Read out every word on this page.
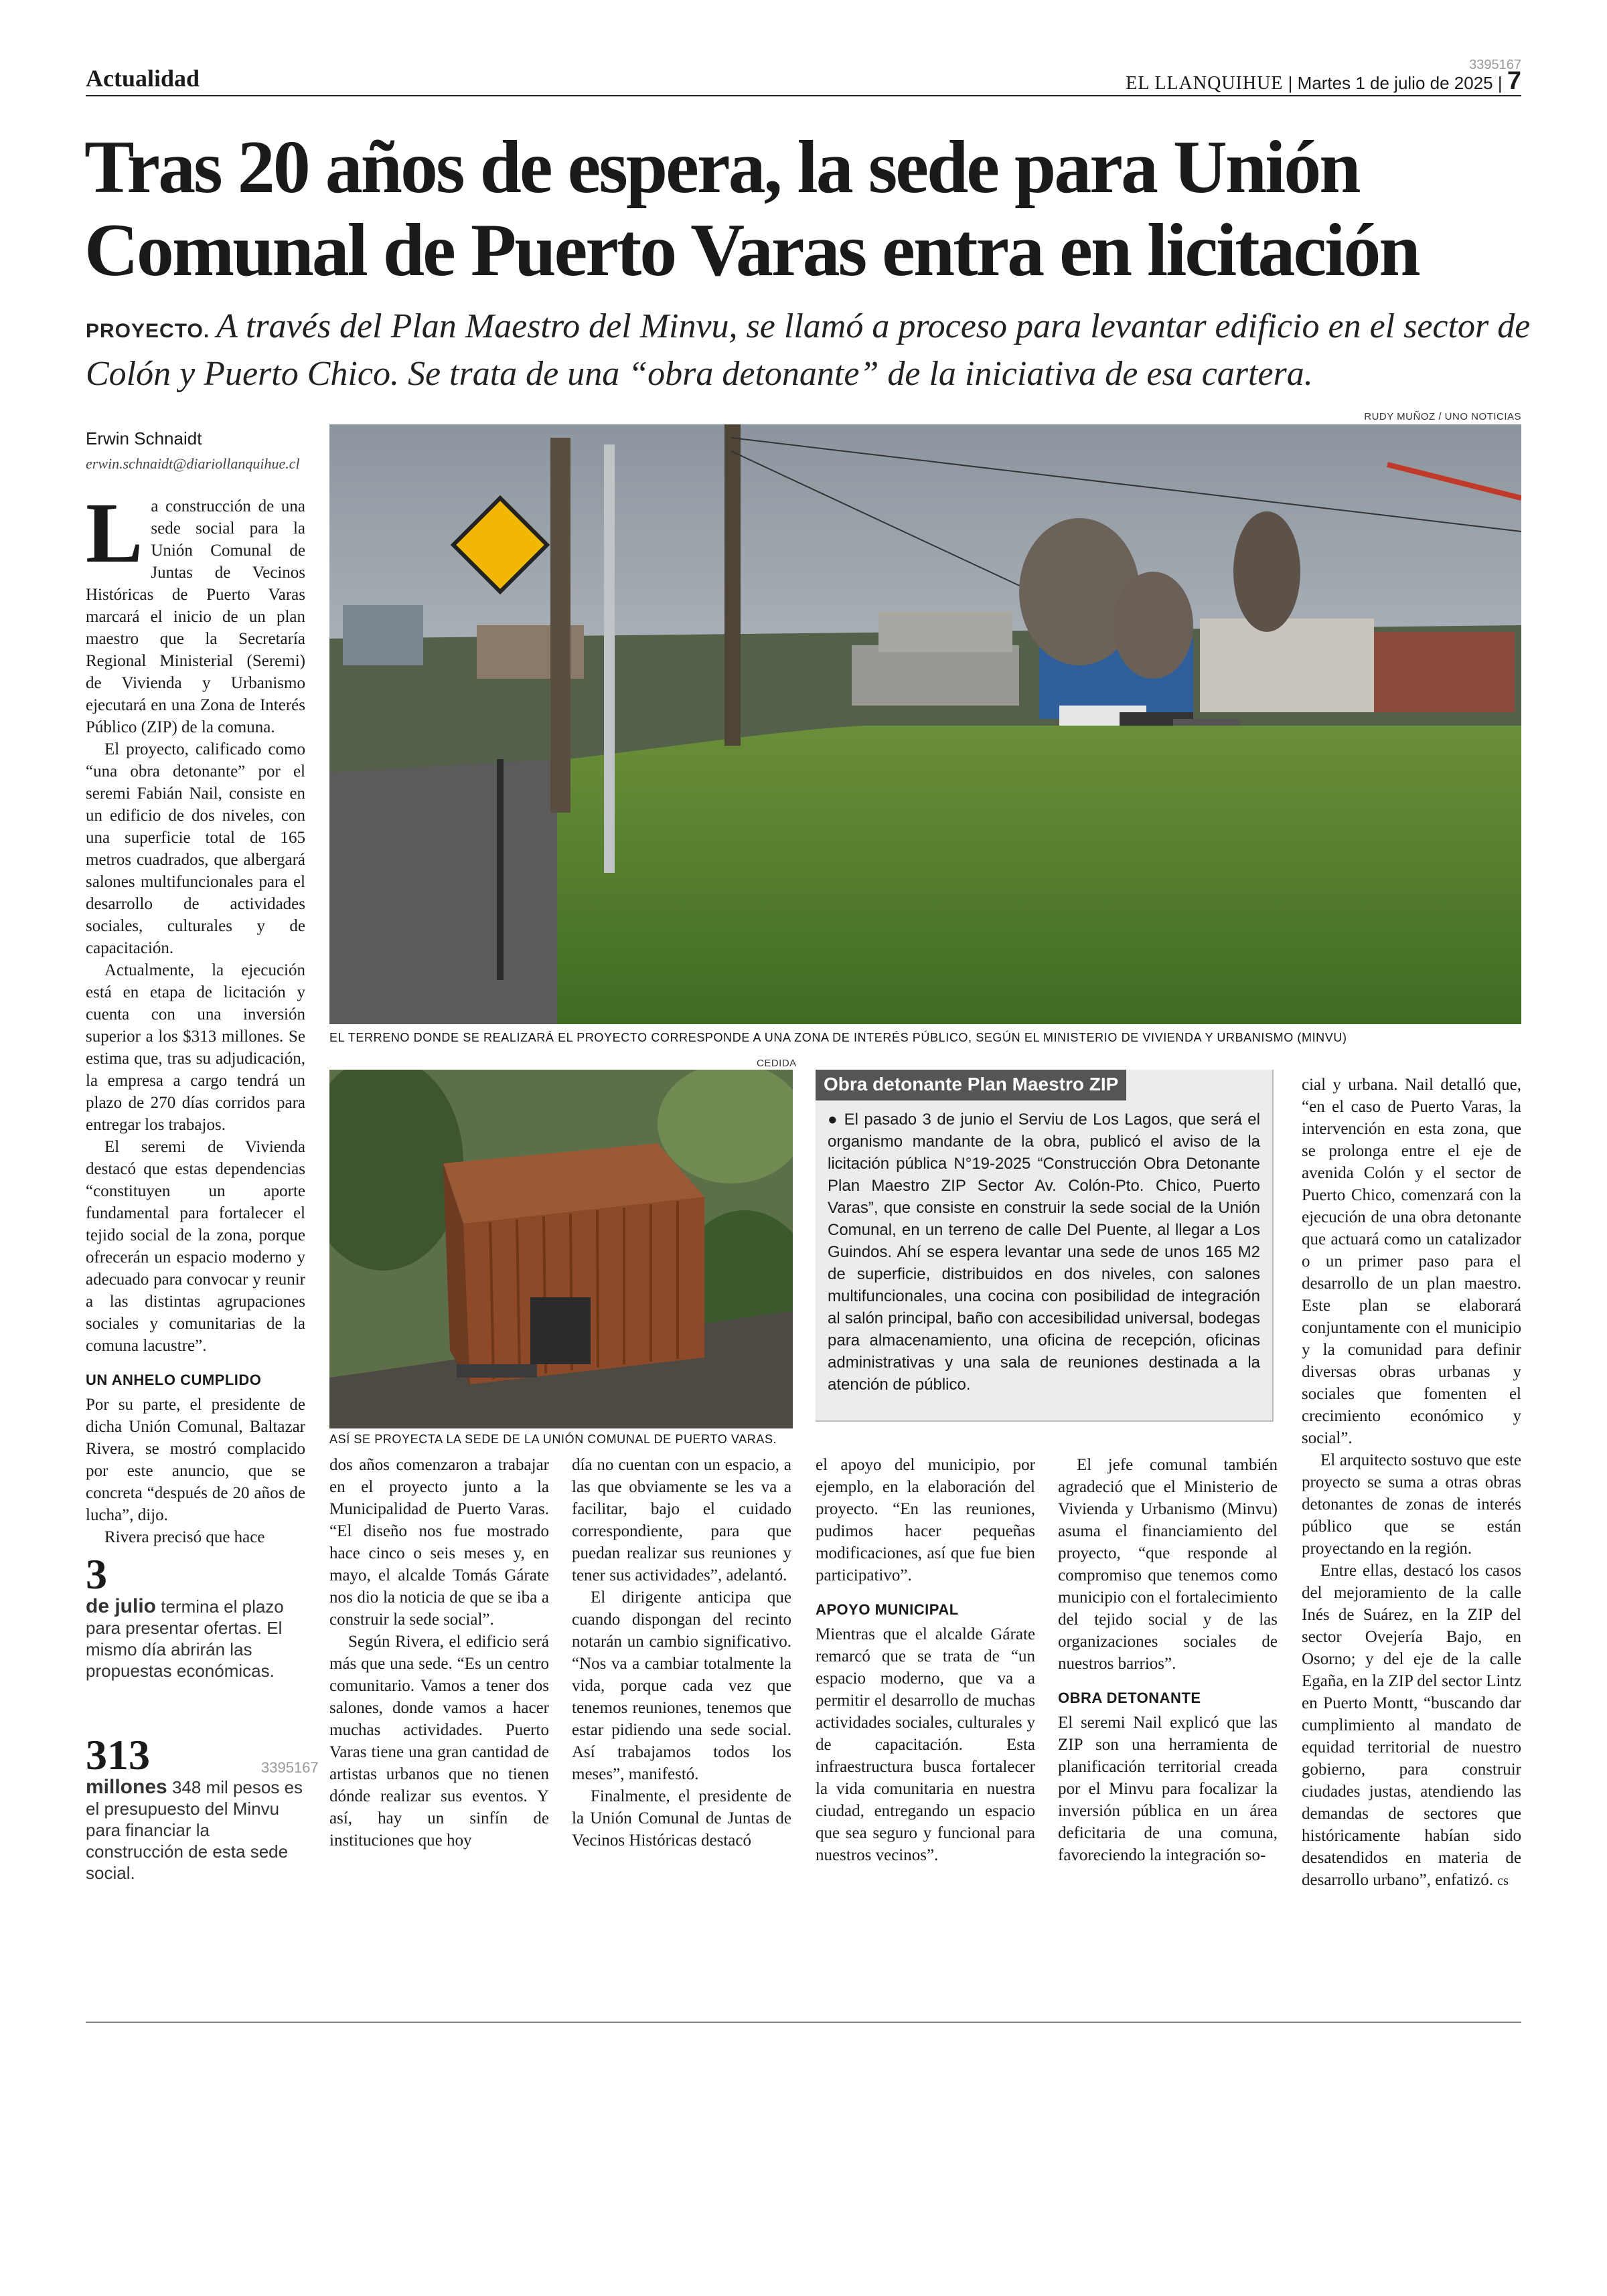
Actualidad	3395167
EL LLANQUIHUE | Martes 1 de julio de 2025 | 7
Tras 20 años de espera, la sede para Unión Comunal de Puerto Varas entra en licitación
PROYECTO. A través del Plan Maestro del Minvu, se llamó a proceso para levantar edificio en el sector de Colón y Puerto Chico. Se trata de una “obra detonante” de la iniciativa de esa cartera.
Erwin Schnaidt
erwin.schnaidt@diariollanquihue.cl

La construcción de una sede social para la Unión Comunal de Juntas de Vecinos Históricas de Puerto Varas marcará el inicio de un plan maestro que la Secretaría Regional Ministerial (Seremi) de Vivienda y Urbanismo ejecutará en una Zona de Interés Público (ZIP) de la comuna.

El proyecto, calificado como “una obra detonante” por el seremi Fabián Nail, consiste en un edificio de dos niveles, con una superficie total de 165 metros cuadrados, que albergará salones multifuncionales para el desarrollo de actividades sociales, culturales y de capacitación.

Actualmente, la ejecución está en etapa de licitación y cuenta con una inversión superior a los $313 millones. Se estima que, tras su adjudicación, la empresa a cargo tendrá un plazo de 270 días corridos para entregar los trabajos.

El seremi de Vivienda destacó que estas dependencias “constituyen un aporte fundamental para fortalecer el tejido social de la zona, porque ofrecerán un espacio moderno y adecuado para convocar y reunir a las distintas agrupaciones sociales y comunitarias de la comuna lacustre”.

UN ANHELO CUMPLIDO

Por su parte, el presidente de dicha Unión Comunal, Baltazar Rivera, se mostró complacido por este anuncio, que se concreta “después de 20 años de lucha”, dijo.

Rivera precisó que hace

3
de julio termina el plazo para presentar ofertas. El mismo día abrirán las propuestas económicas.
313
millones 348 mil pesos es el presupuesto del Minvu para financiar la construcción de esta sede social.
3395167
RUDY MUÑOZ / UNO NOTICIAS
EL TERRENO DONDE SE REALIZARÁ EL PROYECTO CORRESPONDE A UNA ZONA DE INTERÉS PÚBLICO, SEGÚN EL MINISTERIO DE VIVIENDA Y URBANISMO (MINVU)
CEDIDA
ASÍ SE PROYECTA LA SEDE DE LA UNIÓN COMUNAL DE PUERTO VARAS.
Obra detonante Plan Maestro ZIP
● El pasado 3 de junio el Serviu de Los Lagos, que será el organismo mandante de la obra, publicó el aviso de la licitación pública N°19-2025 “Construcción Obra Detonante Plan Maestro ZIP Sector Av. Colón-Pto. Chico, Puerto Varas”, que consiste en construir la sede social de la Unión Comunal, en un terreno de calle Del Puente, al llegar a Los Guindos. Ahí se espera levantar una sede de unos 165 M2 de superficie, distribuidos en dos niveles, con salones multifuncionales, una cocina con posibilidad de integración al salón principal, baño con accesibilidad universal, bodegas para almacenamiento, una oficina de recepción, oficinas administrativas y una sala de reuniones destinada a la atención de público.

cial y urbana. Nail detalló que, “en el caso de Puerto Varas, la intervención en esta zona, que se prolonga entre el eje de avenida Colón y el sector de Puerto Chico, comenzará con la ejecución de una obra detonante que actuará como un catalizador o un primer paso para el desarrollo de un plan maestro. Este plan se elaborará conjuntamente con el municipio y la comunidad para definir diversas obras urbanas y sociales que fomenten el crecimiento económico y social”.

El arquitecto sostuvo que este proyecto se suma a otras obras detonantes de zonas de interés público que se están proyectando en la región.

Entre ellas, destacó los casos del mejoramiento de la calle Inés de Suárez, en la ZIP del sector Ovejería Bajo, en Osorno; y del eje de la calle Egaña, en la ZIP del sector Lintz en Puerto Montt, “buscando dar cumplimiento al mandato de equidad territorial de nuestro gobierno, para construir ciudades justas, atendiendo las demandas de sectores que históricamente habían sido desatendidos en materia de desarrollo urbano”, enfatizó. cs

dos años comenzaron a trabajar en el proyecto junto a la Municipalidad de Puerto Varas. “El diseño nos fue mostrado hace cinco o seis meses y, en mayo, el alcalde Tomás Gárate nos dio la noticia de que se iba a construir la sede social”.

Según Rivera, el edificio será más que una sede. “Es un centro comunitario. Vamos a tener dos salones, donde vamos a hacer muchas actividades. Puerto Varas tiene una gran cantidad de artistas urbanos que no tienen dónde realizar sus eventos. Y así, hay un sinfín de instituciones que hoy

día no cuentan con un espacio, a las que obviamente se les va a facilitar, bajo el cuidado correspondiente, para que puedan realizar sus reuniones y tener sus actividades”, adelantó.

El dirigente anticipa que cuando dispongan del recinto notarán un cambio significativo. “Nos va a cambiar totalmente la vida, porque cada vez que tenemos reuniones, tenemos que estar pidiendo una sede social. Así trabajamos todos los meses”, manifestó.

Finalmente, el presidente de la Unión Comunal de Juntas de Vecinos Históricas destacó

el apoyo del municipio, por ejemplo, en la elaboración del proyecto. “En las reuniones, pudimos hacer pequeñas modificaciones, así que fue bien participativo”.

APOYO MUNICIPAL

Mientras que el alcalde Gárate remarcó que se trata de “un espacio moderno, que va a permitir el desarrollo de muchas actividades sociales, culturales y de capacitación. Esta infraestructura busca fortalecer la vida comunitaria en nuestra ciudad, entregando un espacio que sea seguro y funcional para nuestros vecinos”.

El jefe comunal también agradeció que el Ministerio de Vivienda y Urbanismo (Minvu) asuma el financiamiento del proyecto, “que responde al compromiso que tenemos como municipio con el fortalecimiento del tejido social y de las organizaciones sociales de nuestros barrios”.

OBRA DETONANTE

El seremi Nail explicó que las ZIP son una herramienta de planificación territorial creada por el Minvu para focalizar la inversión pública en un área deficitaria de una comuna, favoreciendo la integración so-
